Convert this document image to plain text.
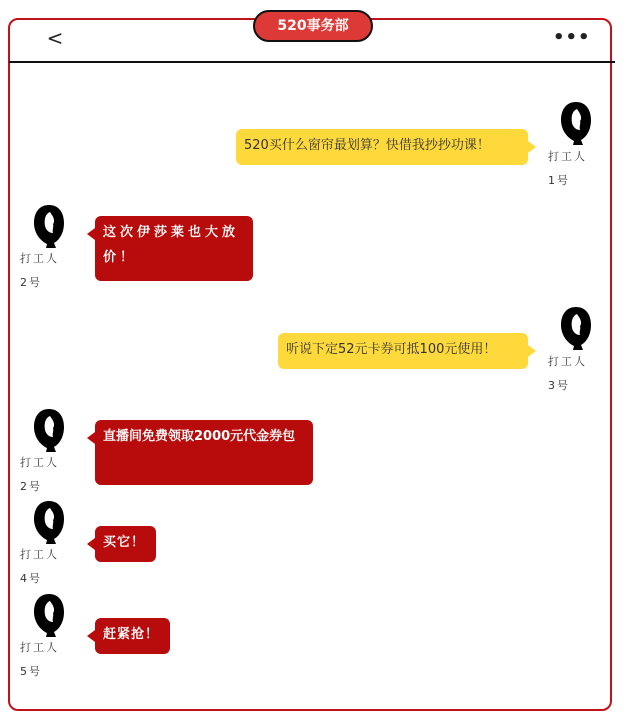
520事务部
<	•••
打工人1号
520买什么窗帘最划算？快借我抄抄功课！
打工人2号
这次伊莎莱也大放价！
打工人3号
听说下定52元卡券可抵100元使用！
打工人2号
直播间免费领取2000元代金券包
打工人4号
买它！
打工人5号
赶紧抢！
